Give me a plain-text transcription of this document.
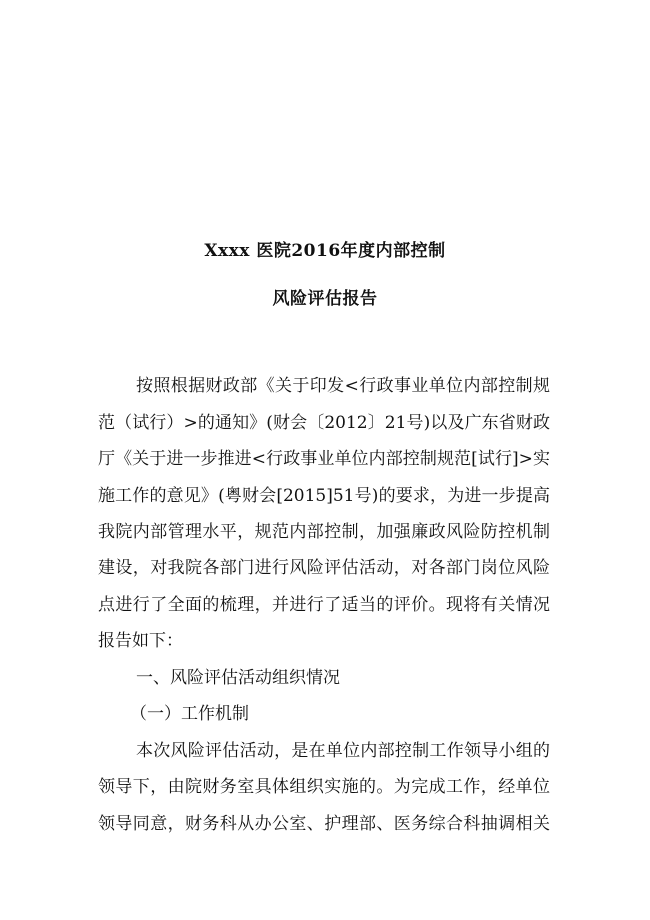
Xxxx 医院2016年度内部控制
风险评估报告
按照根据财政部《关于印发<行政事业单位内部控制规
范（试行）>的通知》(财会〔2012〕21号)以及广东省财政
厅《关于进一步推进<行政事业单位内部控制规范[试行]>实
施工作的意见》(粤财会[2015]51号)的要求，为进一步提高
我院内部管理水平，规范内部控制，加强廉政风险防控机制
建设，对我院各部门进行风险评估活动，对各部门岗位风险
点进行了全面的梳理，并进行了适当的评价。现将有关情况
报告如下：
一、风险评估活动组织情况
（一）工作机制
本次风险评估活动，是在单位内部控制工作领导小组的
领导下，由院财务室具体组织实施的。为完成工作，经单位
领导同意，财务科从办公室、护理部、医务综合科抽调相关
